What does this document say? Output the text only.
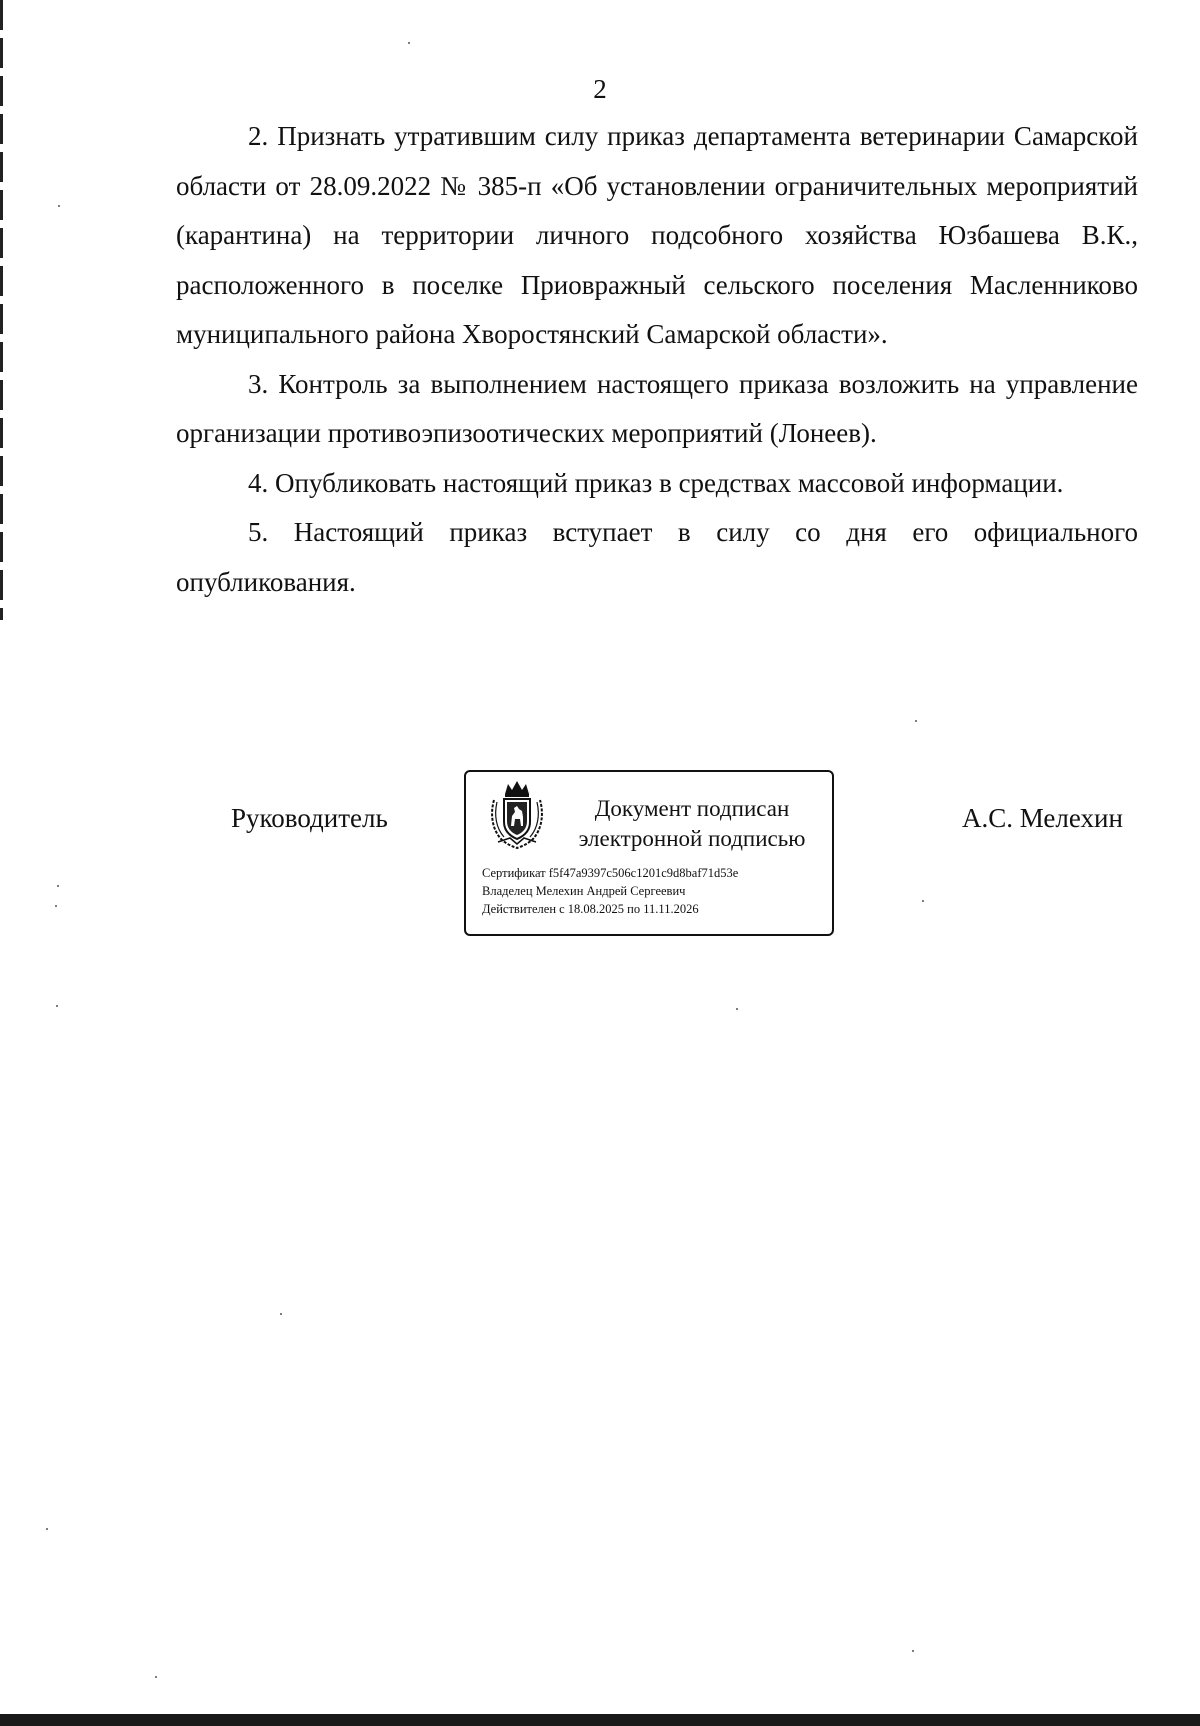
2

2. Признать утратившим силу приказ департамента ветеринарии Самарской области от 28.09.2022 № 385-п «Об установлении ограничительных мероприятий (карантина) на территории личного подсобного хозяйства Юзбашева В.К., расположенного в поселке Приовражный сельского поселения Масленниково муниципального района Хворостянский Самарской области».

3. Контроль за выполнением настоящего приказа возложить на управление организации противоэпизоотических мероприятий (Лонеев).

4. Опубликовать настоящий приказ в средствах массовой информации.

5. Настоящий приказ вступает в силу со дня его официального опубликования.

Руководитель	Документ подписан
электронной подписью
Сертификат f5f47a9397c506c1201c9d8baf71d53e
Владелец Мелехин Андрей Сергеевич
Действителен с 18.08.2025 по 11.11.2026
А.С. Мелехин
